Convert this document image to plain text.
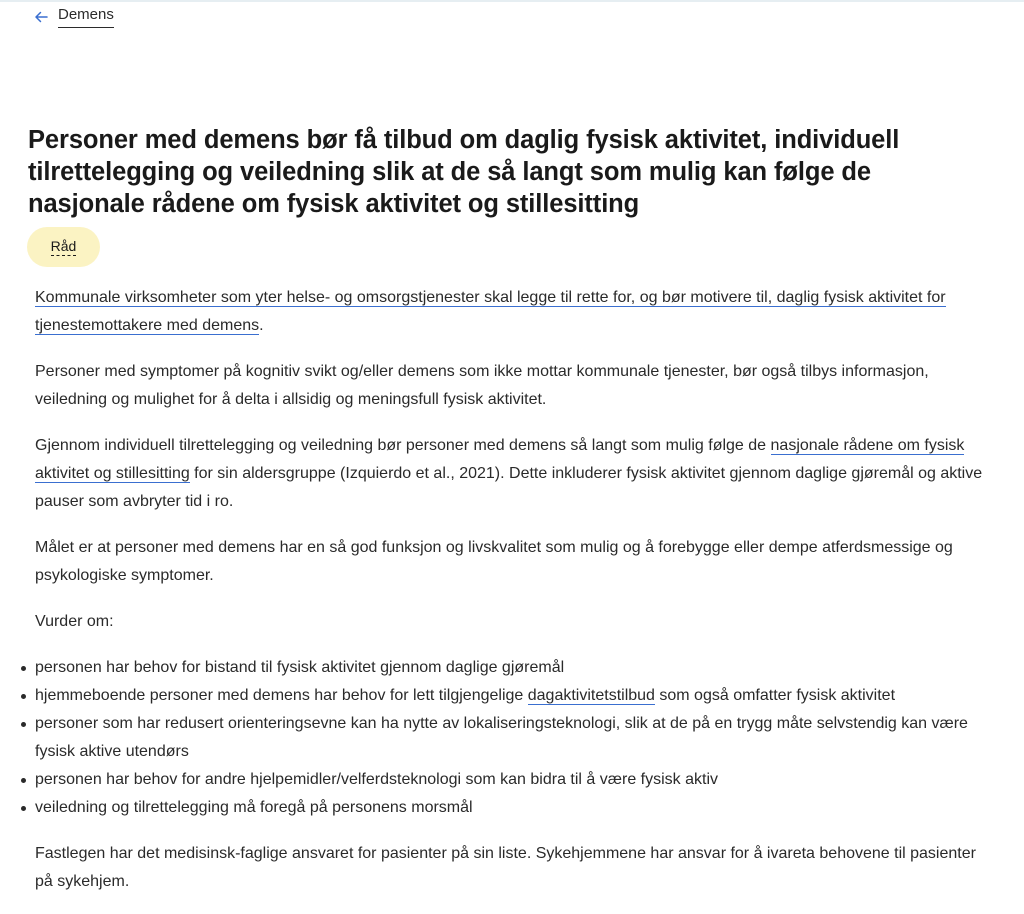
Demens
Personer med demens bør få tilbud om daglig fysisk aktivitet, individuell tilrettelegging og veiledning slik at de så langt som mulig kan følge de nasjonale rådene om fysisk aktivitet og stillesitting
Råd

Kommunale virksomheter som yter helse- og omsorgstjenester skal legge til rette for, og bør motivere til, daglig fysisk aktivitet for tjenestemottakere med demens.

Personer med symptomer på kognitiv svikt og/eller demens som ikke mottar kommunale tjenester, bør også tilbys informasjon, veiledning og mulighet for å delta i allsidig og meningsfull fysisk aktivitet.

Gjennom individuell tilrettelegging og veiledning bør personer med demens så langt som mulig følge de nasjonale rådene om fysisk aktivitet og stillesitting for sin aldersgruppe (Izquierdo et al., 2021). Dette inkluderer fysisk aktivitet gjennom daglige gjøremål og aktive pauser som avbryter tid i ro.

Målet er at personer med demens har en så god funksjon og livskvalitet som mulig og å forebygge eller dempe atferdsmessige og psykologiske symptomer.

Vurder om:

personen har behov for bistand til fysisk aktivitet gjennom daglige gjøremål
hjemmeboende personer med demens har behov for lett tilgjengelige dagaktivitetstilbud som også omfatter fysisk aktivitet
personer som har redusert orienteringsevne kan ha nytte av lokaliseringsteknologi, slik at de på en trygg måte selvstendig kan være fysisk aktive utendørs
personen har behov for andre hjelpemidler/velferdsteknologi som kan bidra til å være fysisk aktiv
veiledning og tilrettelegging må foregå på personens morsmål

Fastlegen har det medisinsk-faglige ansvaret for pasienter på sin liste. Sykehjemmene har ansvar for å ivareta behovene til pasienter på sykehjem.
